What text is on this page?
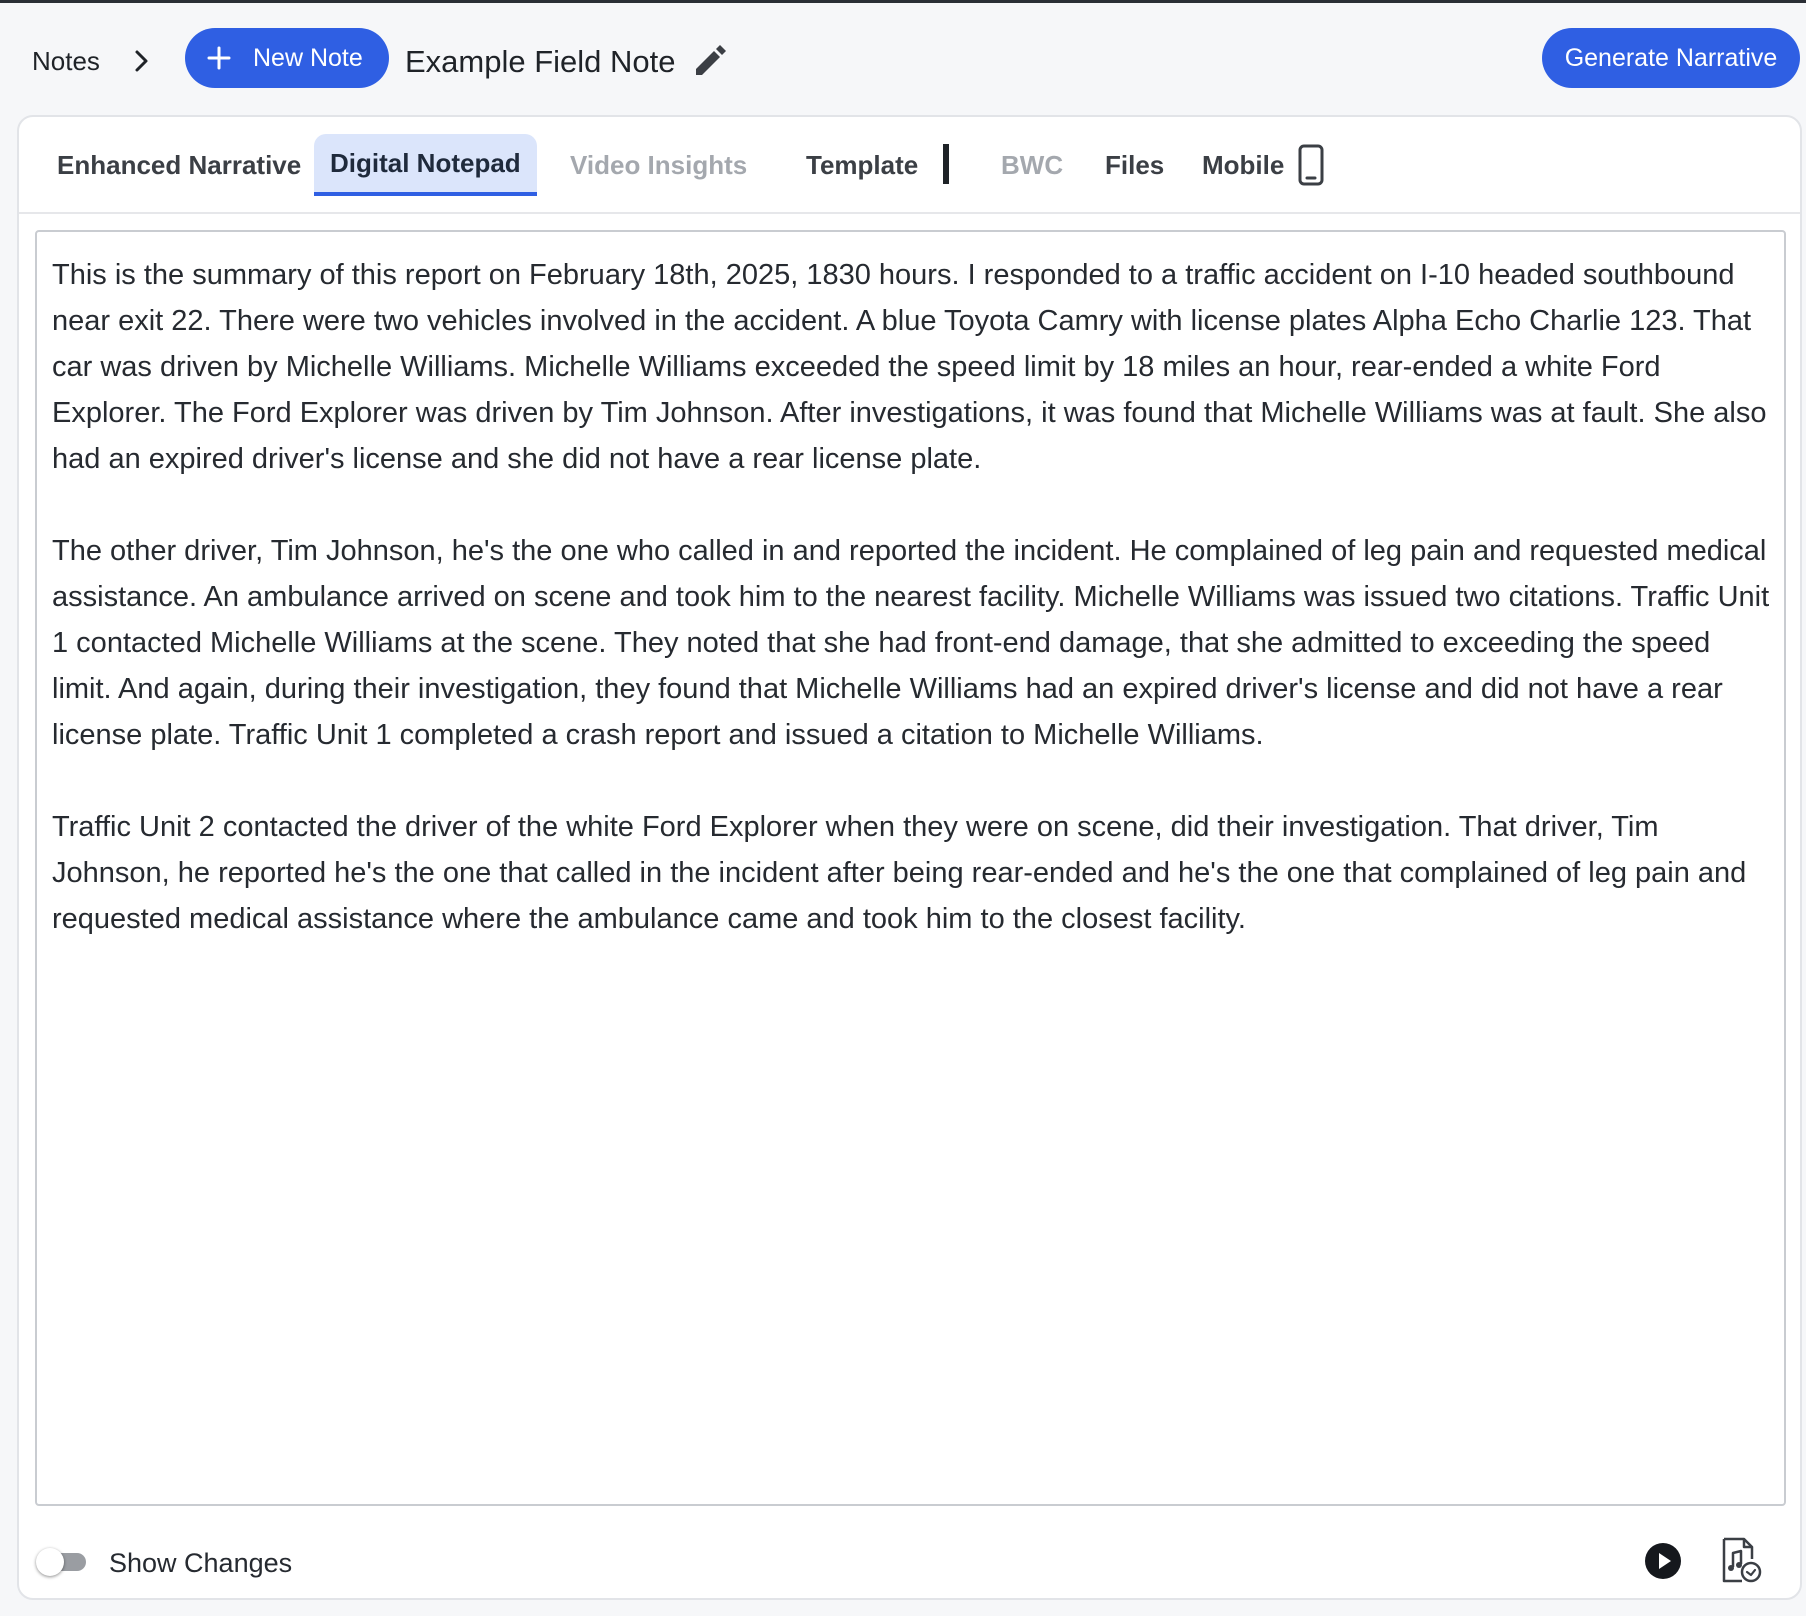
Notes	New Note Example Field Note	Generate Narrative
Enhanced Narrative Digital Notepad Video Insights Template	BWC Files Mobile

This is the summary of this report on February 18th, 2025, 1830 hours. I responded to a traffic accident on I-10 headed southbound near exit 22. There were two vehicles involved in the accident. A blue Toyota Camry with license plates Alpha Echo Charlie 123. That car was driven by Michelle Williams. Michelle Williams exceeded the speed limit by 18 miles an hour, rear-ended a white Ford Explorer. The Ford Explorer was driven by Tim Johnson. After investigations, it was found that Michelle Williams was at fault. She also had an expired driver's license and she did not have a rear license plate.

The other driver, Tim Johnson, he's the one who called in and reported the incident. He complained of leg pain and requested medical assistance. An ambulance arrived on scene and took him to the nearest facility. Michelle Williams was issued two citations. Traffic Unit 1 contacted Michelle Williams at the scene. They noted that she had front-end damage, that she admitted to exceeding the speed limit. And again, during their investigation, they found that Michelle Williams had an expired driver's license and did not have a rear license plate. Traffic Unit 1 completed a crash report and issued a citation to Michelle Williams.

Traffic Unit 2 contacted the driver of the white Ford Explorer when they were on scene, did their investigation. That driver, Tim Johnson, he reported he's the one that called in the incident after being rear-ended and he's the one that complained of leg pain and requested medical assistance where the ambulance came and took him to the closest facility.

Show Changes
